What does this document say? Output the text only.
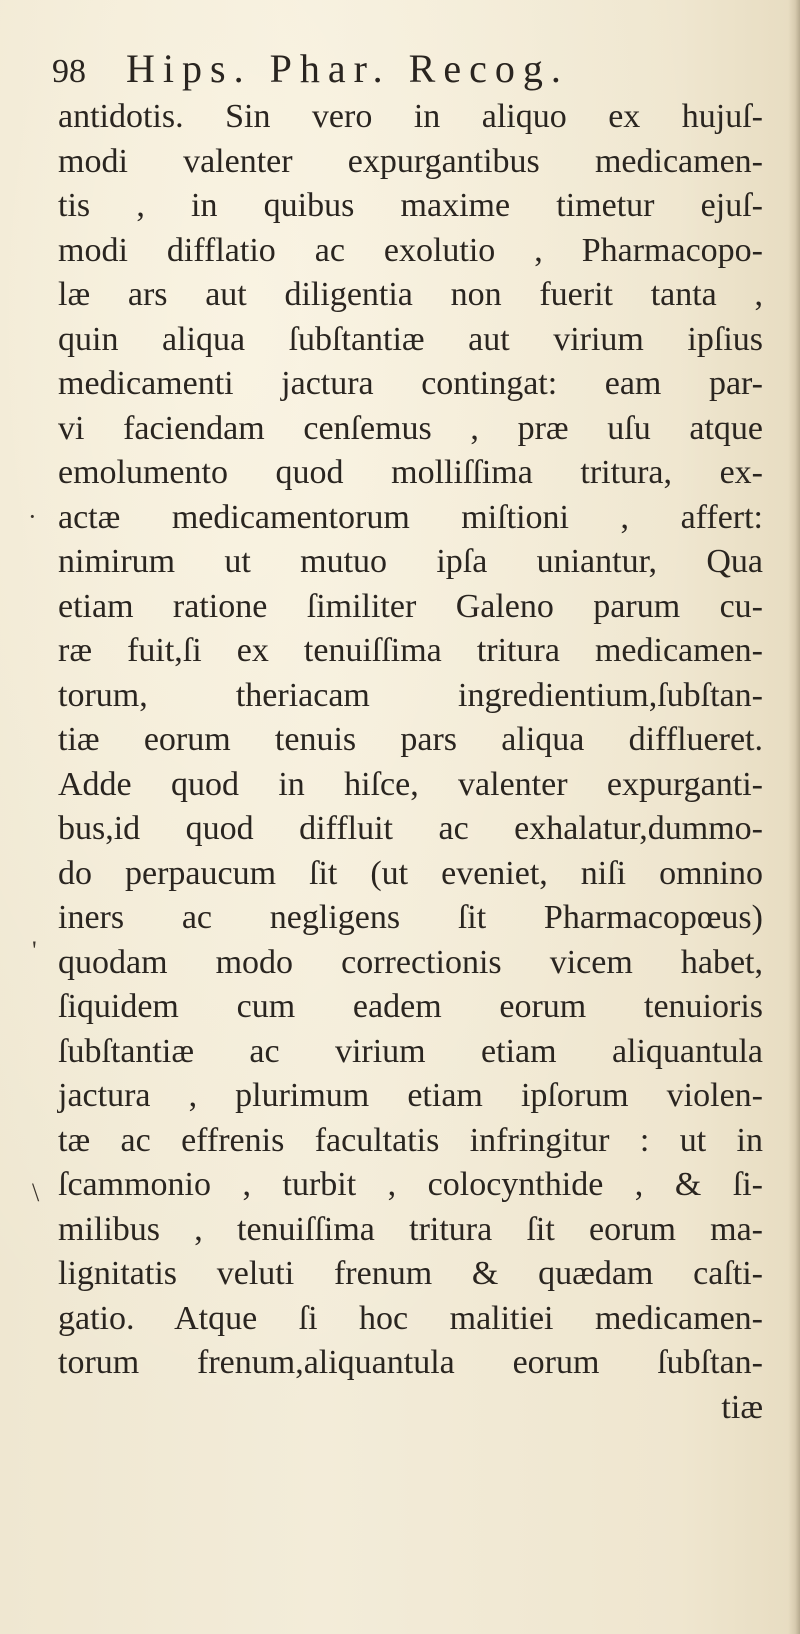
98 Hips. Phar. Recog.
antidotis. Sin vero in aliquo ex hujuſ-
modi valenter expurgantibus medicamen-
tis , in quibus maxime timetur ejuſ-
modi difflatio ac exolutio , Pharmacopo-
læ ars aut diligentia non fuerit tanta ,
quin aliqua ſubſtantiæ aut virium ipſius
medicamenti jactura contingat: eam par-
vi faciendam cenſemus , præ uſu atque
emolumento quod molliſſima tritura, ex-
actæ medicamentorum miſtioni , affert:
nimirum ut mutuo ipſa uniantur, Qua
etiam ratione ſimiliter Galeno parum cu-
ræ fuit,ſi ex tenuiſſima tritura medicamen-
torum, theriacam ingredientium,ſubſtan-
tiæ eorum tenuis pars aliqua difflueret.
Adde quod in hiſce, valenter expurganti-
bus,id quod diffluit ac exhalatur,dummo-
do perpaucum ſit (ut eveniet, niſi omnino
iners ac negligens ſit Pharmacopœus)
quodam modo correctionis vicem habet,
ſiquidem cum eadem eorum tenuioris
ſubſtantiæ ac virium etiam aliquantula
jactura , plurimum etiam ipſorum violen-
tæ ac effrenis facultatis infringitur : ut in
ſcammonio , turbit , colocynthide , & ſi-
milibus , tenuiſſima tritura ſit eorum ma-
lignitatis veluti frenum & quædam caſti-
gatio. Atque ſi hoc malitiei medicamen-
torum frenum,aliquantula eorum ſubſtan-
tiæ
·
'
\
